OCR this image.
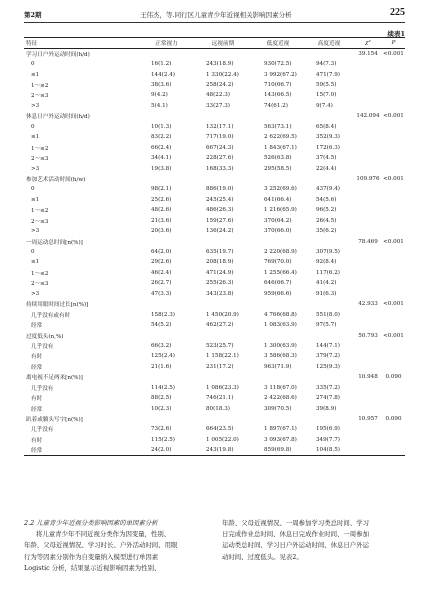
第2期	王伟杰，等.同行区儿童青少年近视相关影响因素分析	225
续表1
特征	正常视力	远视前期	低度近视	高度近视	χ²	P
学习日户外运动时间(h/d)					39.154	<0.001
0	16(1.2)	243(18.9)	930(72.5)	94(7.3)		
≤1	144(2.4)	1 330(22.4)	3 992(67.2)	471(7.9)		
1～≤2	38(3.6)	258(24.2)	710(66.7)	59(5.5)		
2～≤3	9(4.2)	48(22.3)	143(66.5)	15(7.0)		
>3	5(4.1)	33(27.3)	74(61.2)	9(7.4)		
休息日户外运动时间(h/d)					142.094	<0.001
0	10(1.3)	132(17.1)	563(73.1)	65(8.4)		
≤1	83(2.2)	717(19.0)	2 622(69.5)	352(9.3)		
1～≤2	66(2.4)	667(24.3)	1 843(67.1)	172(6.3)		
2～≤3	34(4.1)	228(27.6)	526(63.8)	37(4.5)		
>3	19(3.8)	168(33.3)	295(58.5)	22(4.4)		
参加艺术活动时间(h/w)					109.976	<0.001
0	98(2.1)	886(19.0)	3 252(69.6)	437(9.4)		
≤1	25(2.6)	245(25.4)	641(66.4)	54(5.6)		
1～≤2	48(2.6)	486(26.3)	1 216(65.9)	96(5.2)		
2～≤3	21(3.6)	159(27.6)	370(64.2)	26(4.5)		
>3	20(3.6)	136(24.2)	370(66.0)	35(6.2)		
一周运动总时间[n(%)]					78.469	<0.001
0	64(2.0)	635(19.7)	2 220(68.9)	307(9.5)		
≤1	29(2.6)	208(18.9)	769(70.0)	92(8.4)		
1～≤2	46(2.4)	471(24.9)	1 255(66.4)	117(6.2)		
2～≤3	26(2.7)	255(26.3)	646(66.7)	41(4.2)		
>3	47(3.3)	343(23.8)	959(66.6)	91(6.3)		
持续用眼时间过长[n(%)]					42.933	<0.001
几乎没有或有时	158(2.3)	1 450(20.9)	4 766(68.8)	551(8.0)		
经常	54(5.2)	462(27.2)	1 083(63.9)	97(5.7)		
过度低头(n,%)					50.793	<0.001
几乎没有	66(3.2)	523(25.7)	1 300(63.9)	144(7.1)		
有时	125(2.4)	1 158(22.1)	3 586(68.3)	379(7.2)		
经常	21(1.6)	231(17.2)	963(71.9)	125(9.3)		
离电视不足两米[n(%)]					10.948	0.090
几乎没有	114(2.5)	1 086(23.3)	3 118(67.0)	335(7.2)		
有时	88(2.5)	746(21.1)	2 422(68.6)	274(7.8)		
经常	10(2.3)	80(18.3)	309(70.5)	39(8.9)		
趴着或躺头写字[n(%)]					10.957	0.090
几乎没有	73(2.6)	664(23.5)	1 897(67.1)	195(6.9)		
有时	115(2.5)	1 005(22.0)	3 093(67.8)	349(7.7)		
经常	24(2.0)	243(19.8)	859(69.8)	104(8.5)		

2.2 儿童青少年近视分类影响因素的单因素分析

将儿童青少年不同近视分类作为因变量，性别、

年龄、父母近视情况、学习时长、户外活动时间、用眼

行为等因素分别作为自变量纳入模型进行单因素

Logistic 分析，结果显示近视影响因素为性别、

年龄、父母近视情况、一周参加学习类总时间、学习

日完成作业总时间、休息日完成作业时间、一周参加

运动类总时间、学习日户外运动时间、休息日户外运

动时间、过度低头。见表2。
